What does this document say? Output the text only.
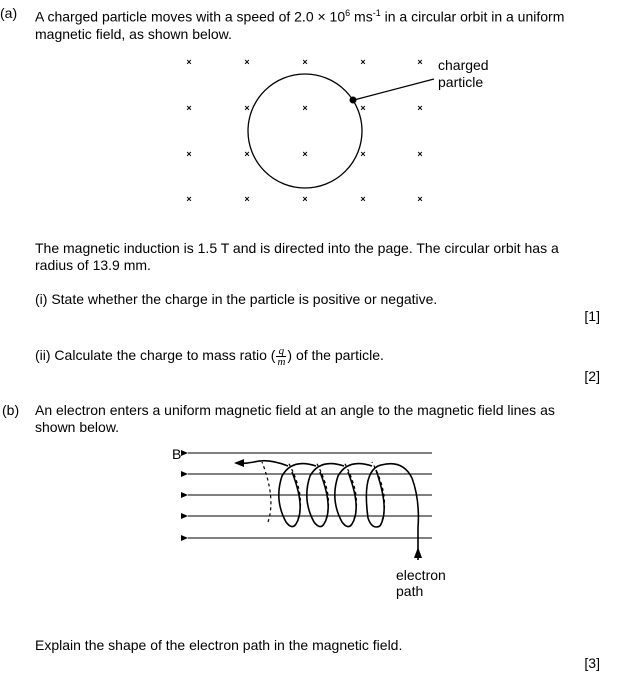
(a) A charged particle moves with a speed of $2.0 \times 10^6$ $ms^{-1}$ in a circular orbit in a uniform
magnetic field, as shown below.
×	×	×	×	×
×	×	×	×	×
×	×	×	×	×
×	×	×	×	×
charged
particle
The magnetic induction is 1.5 T and is directed into the page. The circular orbit has a
radius of 13.9 mm.
(i) State whether the charge in the particle is positive or negative.
[1]
(ii) Calculate the charge to mass ratio ( $\frac{q}{m}$ ) of the particle.
[2]
(b) An electron enters a uniform magnetic field at an angle to the magnetic field lines as
shown below.
B
electron
path
Explain the shape of the electron path in the magnetic field.
[3]
